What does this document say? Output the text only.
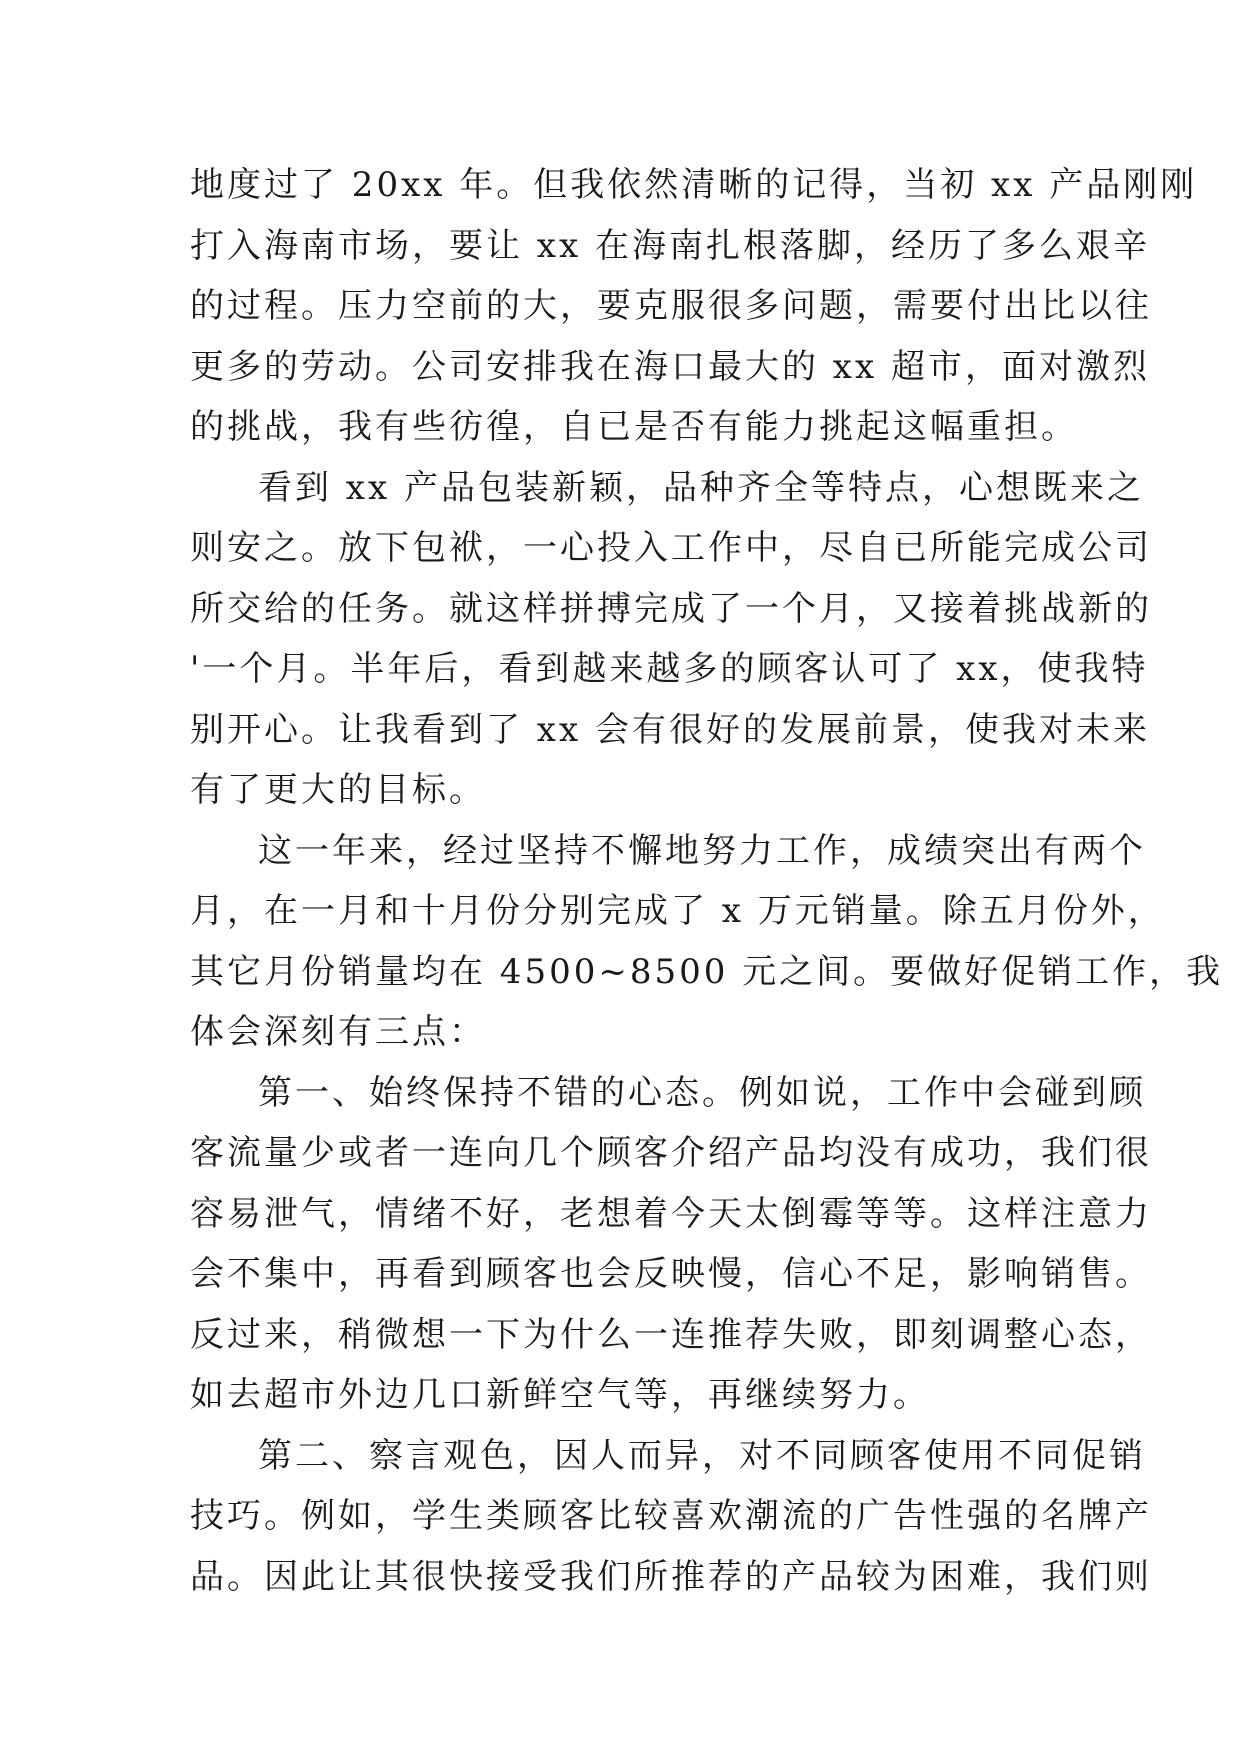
地度过了 20xx 年。但我依然清晰的记得，当初 xx 产品刚刚

打入海南市场，要让 xx 在海南扎根落脚，经历了多么艰辛

的过程。压力空前的大，要克服很多问题，需要付出比以往

更多的劳动。公司安排我在海口最大的 xx 超市，面对激烈

的挑战，我有些彷徨，自已是否有能力挑起这幅重担。

看到 xx 产品包装新颖，品种齐全等特点，心想既来之

则安之。放下包袱，一心投入工作中，尽自已所能完成公司

所交给的任务。就这样拼搏完成了一个月，又接着挑战新的

'一个月。半年后，看到越来越多的顾客认可了 xx，使我特

别开心。让我看到了 xx 会有很好的发展前景，使我对未来

有了更大的目标。

这一年来，经过坚持不懈地努力工作，成绩突出有两个

月，在一月和十月份分别完成了 x 万元销量。除五月份外，

其它月份销量均在 4500~8500 元之间。要做好促销工作，我

体会深刻有三点：

第一、始终保持不错的心态。例如说，工作中会碰到顾

客流量少或者一连向几个顾客介绍产品均没有成功，我们很

容易泄气，情绪不好，老想着今天太倒霉等等。这样注意力

会不集中，再看到顾客也会反映慢，信心不足，影响销售。

反过来，稍微想一下为什么一连推荐失败，即刻调整心态，

如去超市外边几口新鲜空气等，再继续努力。

第二、察言观色，因人而异，对不同顾客使用不同促销

技巧。例如，学生类顾客比较喜欢潮流的广告性强的名牌产

品。因此让其很快接受我们所推荐的产品较为困难，我们则
